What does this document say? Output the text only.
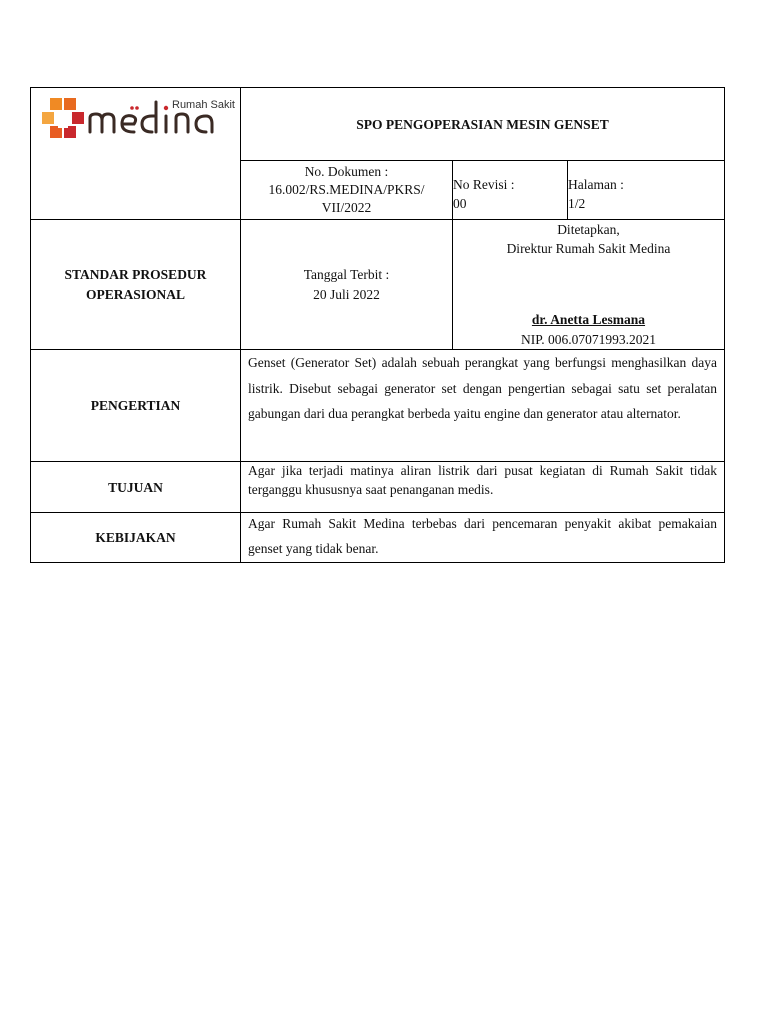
Rumah Sakit
SPO PENGOPERASIAN MESIN GENSET
No. Dokumen :
16.002/RS.MEDINA/PKRS/
VII/2022
No Revisi :
00
Halaman :
1/2
STANDAR PROSEDUR
OPERASIONAL
Tanggal Terbit :
20 Juli 2022
Ditetapkan,
Direktur Rumah Sakit Medina
dr. Anetta Lesmana
NIP. 006.07071993.2021
PENGERTIAN
Genset (Generator Set) adalah sebuah perangkat yang berfungsi menghasilkan daya listrik. Disebut sebagai generator set dengan pengertian sebagai satu set peralatan gabungan dari dua perangkat berbeda yaitu engine dan generator atau alternator.
TUJUAN
Agar jika terjadi matinya aliran listrik dari pusat kegiatan di Rumah Sakit tidak terganggu khususnya saat penanganan medis.
KEBIJAKAN
Agar Rumah Sakit Medina terbebas dari pencemaran penyakit akibat pemakaian genset yang tidak benar.
